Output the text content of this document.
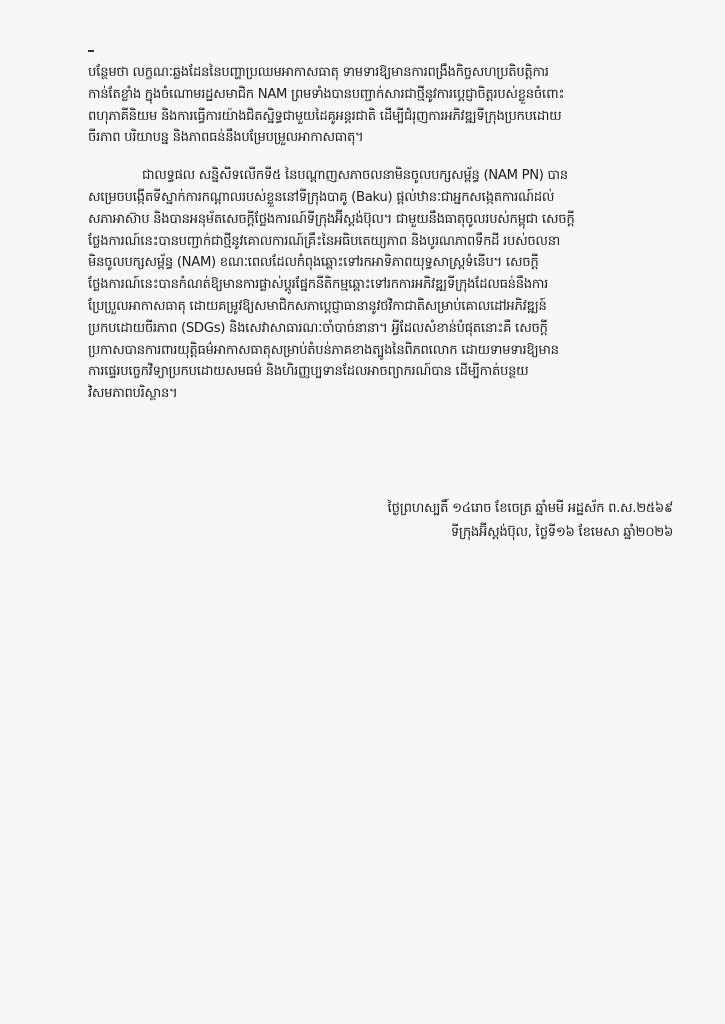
បន្ថែមថា លក្ខណៈឆ្លងដែននៃបញ្ហាប្រឈមអាកាសធាតុ ទាមទារឱ្យមានការពង្រឹងកិច្ចសហប្រតិបត្តិការ
កាន់តែខ្លាំង ក្នុងចំណោមរដ្ឋសមាជិក NAM ព្រមទាំងបានបញ្ជាក់សារជាថ្មីនូវការប្តេជ្ញាចិត្តរបស់ខ្លួនចំពោះ
ពហុភាគីនិយម និងការធ្វើការយ៉ាងជិតស្និទ្ធជាមួយដៃគូអន្តរជាតិ ដើម្បីជំរុញការអភិវឌ្ឍទីក្រុងប្រកបដោយ
ចីរភាព បរិយាបន្ន និងភាពធន់នឹងបម្រែបម្រួលអាកាសធាតុ។
ជាលទ្ធផល សន្និសីទលើកទី៥ នៃបណ្ដាញសភាចលនាមិនចូលបក្សសម្ព័ន្ធ (NAM PN) បាន
សម្រេចបង្កើតទីស្នាក់ការកណ្តាលរបស់ខ្លួននៅទីក្រុងបាគូ (Baku) ផ្តល់ឋានៈជាអ្នកសង្កេតការណ៍ដល់
សភាអាស៊ាប និងបានអនុម័តសេចក្តីថ្លែងការណ៍ទីក្រុងអ៊ីស្តង់ប៊ុល។ ជាមួយនឹងធាតុចូលរបស់កម្ពុជា សេចក្តី
ថ្លែងការណ៍នេះបានបញ្ជាក់ជាថ្មីនូវគោលការណ៍គ្រឹះនៃអធិបតេយ្យភាព និងបូរណភាពទឹកដី របស់ចលនា
មិនចូលបក្សសម្ព័ន្ធ (NAM) ខណៈពេលដែលកំពុងឆ្ពោះទៅរកអាទិភាពយុទ្ធសាស្ត្រទំនើប។ សេចក្តី
ថ្លែងការណ៍នេះបានកំណត់ឱ្យមានការផ្លាស់ប្តូរផ្នែកនីតិកម្មឆ្ពោះទៅរកការអភិវឌ្ឍទីក្រុងដែលធន់នឹងការ
ប្រែប្រួលអាកាសធាតុ ដោយគម្រូវឱ្យសមាជិកសភាប្តេជ្ញាធានានូវថវិកាជាតិសម្រាប់គោលដៅអភិវឌ្ឍន៍
ប្រកបដោយចីរភាព (SDGs) និងសេវាសាធារណៈចាំបាច់នានា។ អ្វីដែលសំខាន់បំផុតនោះគឺ សេចក្តី
ប្រកាសបានការពារយុត្តិធម៌អាកាសធាតុសម្រាប់តំបន់ភាគខាងត្បូងនៃពិភពលោក ដោយទាមទារឱ្យមាន
ការផ្ទេរបច្ចេកវិទ្យាប្រកបដោយសមធម៌ និងហិរញ្ញប្បទានដែលអាចព្យាករណ៍បាន ដើម្បីកាត់បន្ថយ
វិសមភាពបរិស្ថាន។
ថ្ងៃព្រហស្បតិ៍ ១៤រោច ខែចេត្រ ឆ្នាំមមី អដ្ឋស័ក ព.ស.២៥៦៩
ទីក្រុងអ៊ីស្តង់ប៊ុល, ថ្ងៃទី១៦ ខែមេសា ឆ្នាំ២០២៦
